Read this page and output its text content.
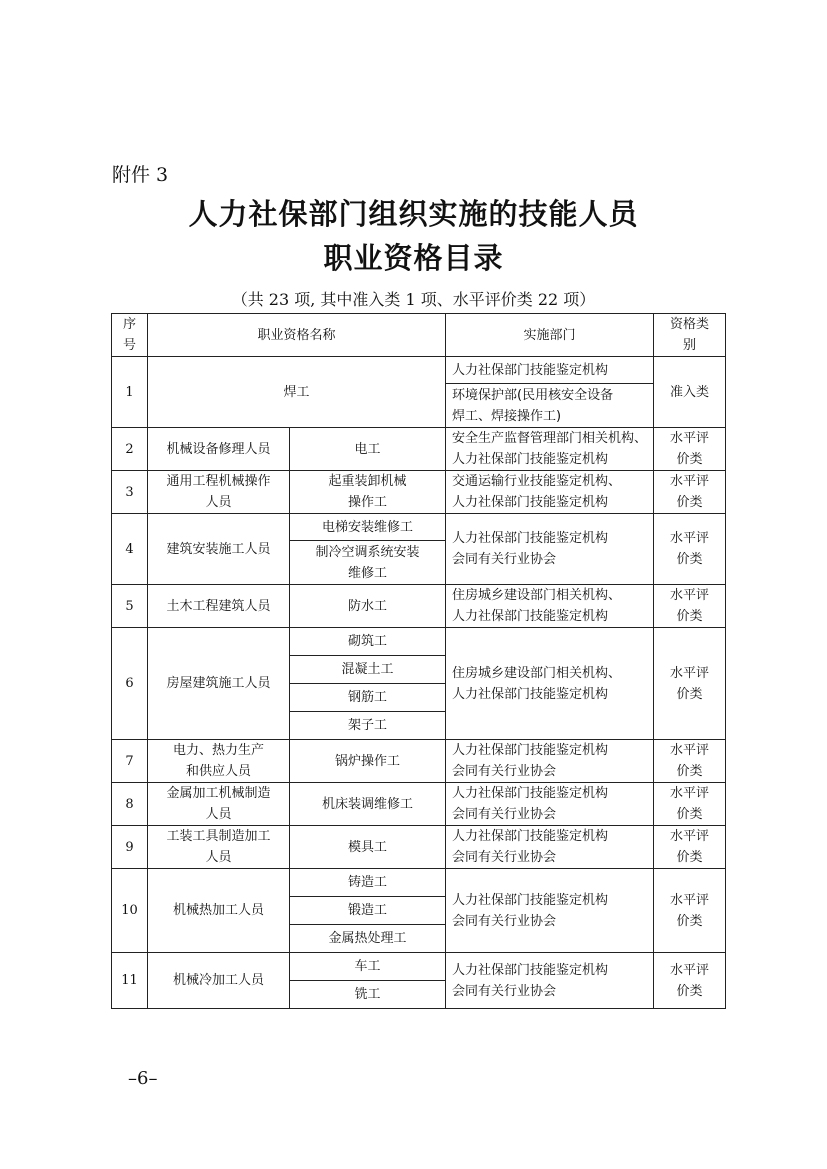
附件 3
人力社保部门组织实施的技能人员
职业资格目录
（共 23 项, 其中准入类 1 项、水平评价类 22 项）
序
号	职业资格名称		实施部门	资格类
别
1	焊工		人力社保部门技能鉴定机构	准入类
			环境保护部(民用核安全设备
焊工、焊接操作工)	
2	机械设备修理人员	电工	安全生产监督管理部门相关机构、
人力社保部门技能鉴定机构	水平评
价类
3	通用工程机械操作
人员	起重装卸机械
操作工	交通运输行业技能鉴定机构、
人力社保部门技能鉴定机构	水平评
价类
4	建筑安装施工人员	电梯安装维修工	人力社保部门技能鉴定机构
会同有关行业协会	水平评
价类
		制冷空调系统安装
维修工		
5	土木工程建筑人员	防水工	住房城乡建设部门相关机构、
人力社保部门技能鉴定机构	水平评
价类
6	房屋建筑施工人员	砌筑工	住房城乡建设部门相关机构、
人力社保部门技能鉴定机构	水平评
价类
		混凝土工		
		钢筋工		
		架子工		
7	电力、热力生产
和供应人员	锅炉操作工	人力社保部门技能鉴定机构
会同有关行业协会	水平评
价类
8	金属加工机械制造
人员	机床装调维修工	人力社保部门技能鉴定机构
会同有关行业协会	水平评
价类
9	工装工具制造加工
人员	模具工	人力社保部门技能鉴定机构
会同有关行业协会	水平评
价类
10	机械热加工人员	铸造工	人力社保部门技能鉴定机构
会同有关行业协会	水平评
价类
		锻造工		
		金属热处理工		
11	机械冷加工人员	车工	人力社保部门技能鉴定机构
会同有关行业协会	水平评
价类
		铣工		
–6–
